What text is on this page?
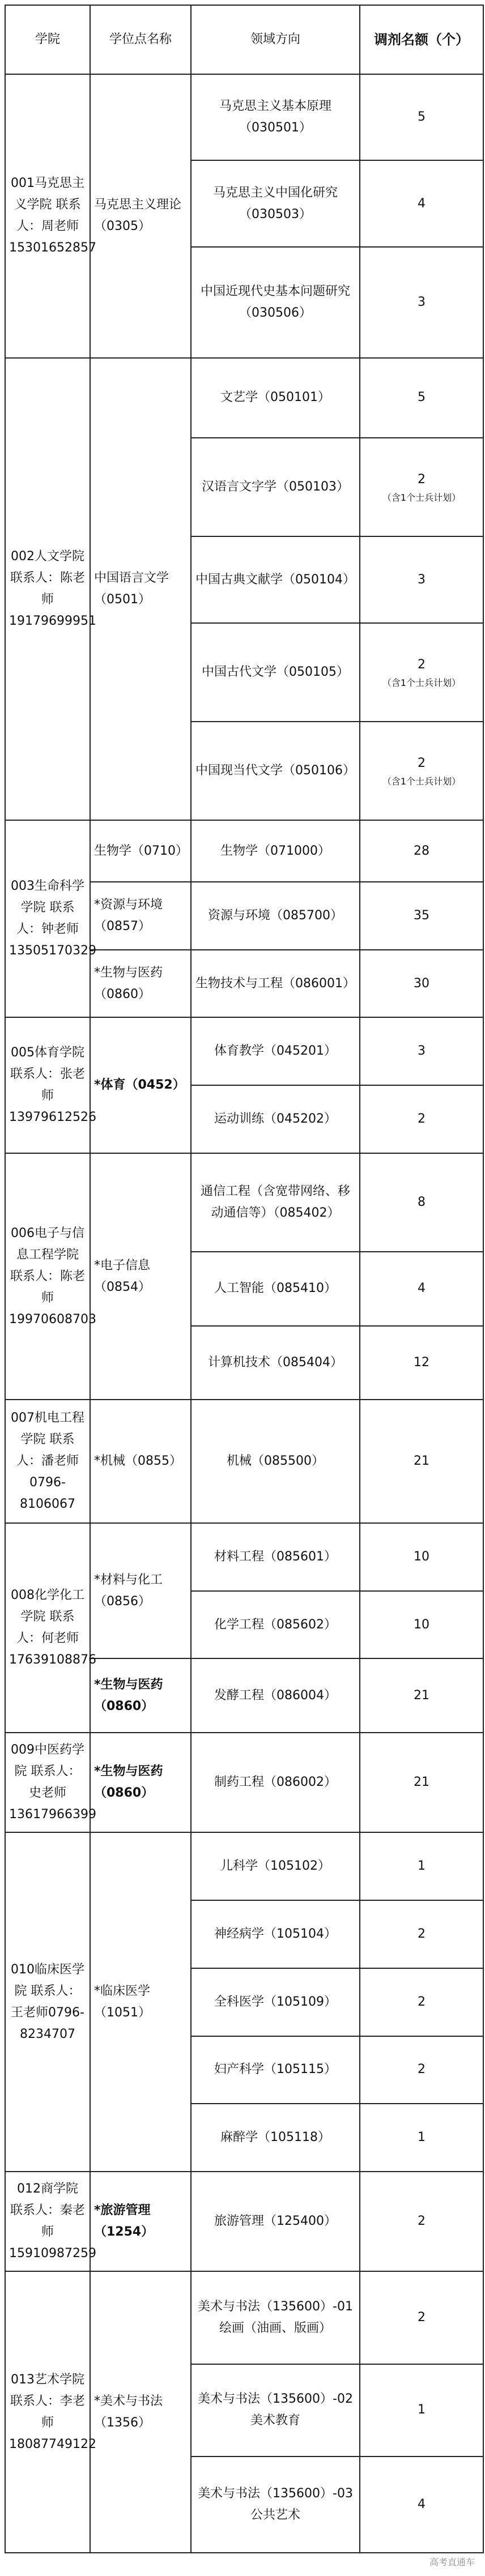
学院	学位点名称	领域方向	调剂名额（个）
001马克思主义学院 联系人：周老师15301652857	马克思主义理论（0305）	马克思主义基本原理（030501）	5
		马克思主义中国化研究（030503）	4
		中国近现代史基本问题研究（030506）	3
002人文学院 联系人：陈老师19179699951	中国语言文学（0501）	文艺学（050101）	5
		汉语言文字学（050103）	2
（含1个士兵计划）

		中国古典文献学（050104）	3
		中国古代文学（050105）	2
（含1个士兵计划）

		中国现当代文学（050106）	2
（含1个士兵计划）

003生命科学学院 联系人：钟老师 13505170329	生物学（0710）	生物学（071000）	28
	*资源与环境（0857）	资源与环境（085700）	35
	*生物与医药（0860）	生物技术与工程（086001）	30
005体育学院 联系人：张老师 13979612526	*体育（0452）	体育教学（045201）	3
		运动训练（045202）	2
006电子与信息工程学院 联系人：陈老师19970608703	*电子信息（0854）	通信工程（含宽带网络、移动通信等）（085402）	8
		人工智能（085410）	4
		计算机技术（085404）	12
007机电工程学院 联系人：潘老师0796-8106067	*机械（0855）	机械（085500）	21
008化学化工学院 联系人：何老师17639108876	*材料与化工（0856）	材料工程（085601）	10
		化学工程（085602）	10
	*生物与医药（0860）	发酵工程（086004）	21
009中医药学院 联系人：史老师13617966399	*生物与医药（0860）	制药工程（086002）	21
010临床医学院 联系人：王老师0796-8234707	*临床医学（1051）	儿科学（105102）	1
		神经病学（105104）	2
		全科医学（105109）	2
		妇产科学（105115）	2
		麻醉学（105118）	1
012商学院 联系人：秦老师15910987259	*旅游管理（1254）	旅游管理（125400）	2
013艺术学院 联系人：李老师18087749122	*美术与书法（1356）	美术与书法（135600）-01绘画（油画、版画）	2
		美术与书法（135600）-02美术教育	1
		美术与书法（135600）-03公共艺术	4
高考直通车
